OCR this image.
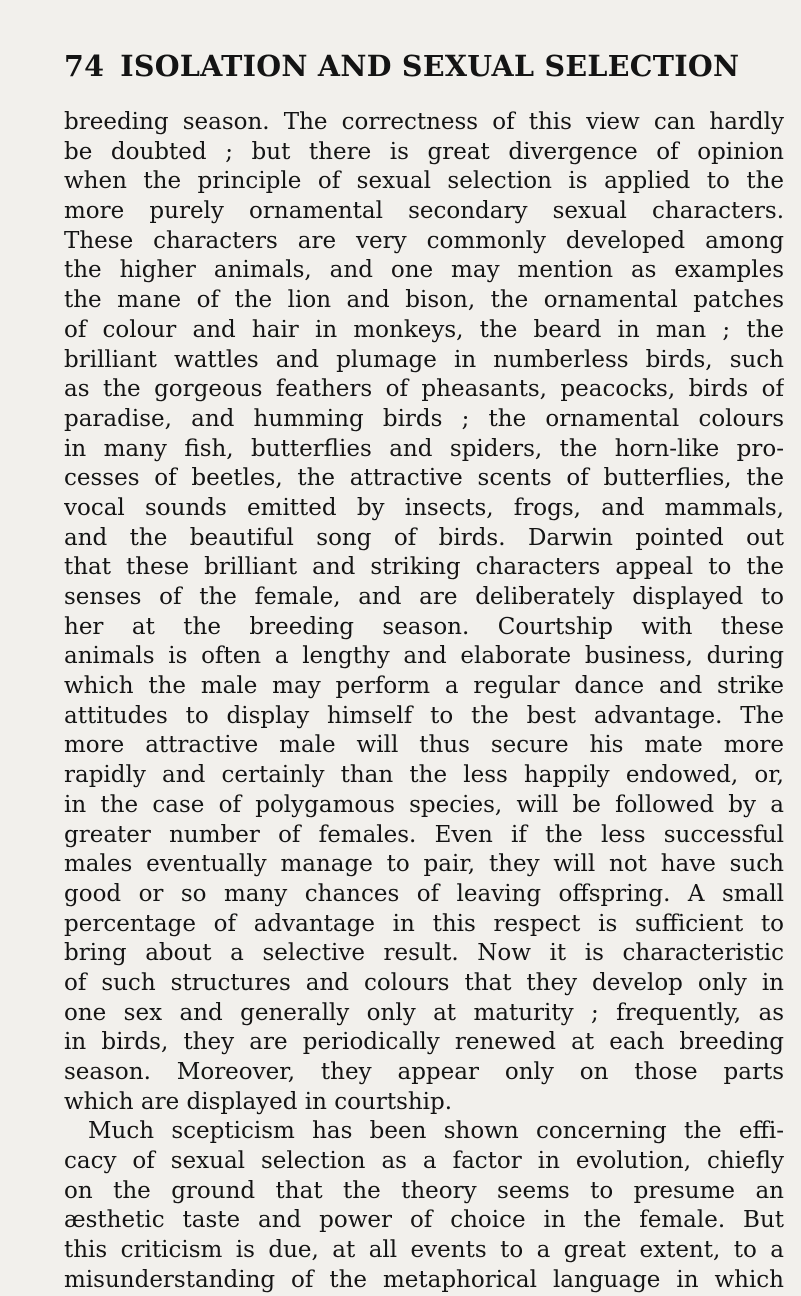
74 ISOLATION AND SEXUAL SELECTION
breeding season. The correctness of this view can hardly
be doubted ; but there is great divergence of opinion
when the principle of sexual selection is applied to the
more purely ornamental secondary sexual characters.
These characters are very commonly developed among
the higher animals, and one may mention as examples
the mane of the lion and bison, the ornamental patches
of colour and hair in monkeys, the beard in man ; the
brilliant wattles and plumage in numberless birds, such
as the gorgeous feathers of pheasants, peacocks, birds of
paradise, and humming birds ; the ornamental colours
in many fish, butterflies and spiders, the horn-like pro-
cesses of beetles, the attractive scents of butterflies, the
vocal sounds emitted by insects, frogs, and mammals,
and the beautiful song of birds. Darwin pointed out
that these brilliant and striking characters appeal to the
senses of the female, and are deliberately displayed to
her at the breeding season. Courtship with these
animals is often a lengthy and elaborate business, during
which the male may perform a regular dance and strike
attitudes to display himself to the best advantage. The
more attractive male will thus secure his mate more
rapidly and certainly than the less happily endowed, or,
in the case of polygamous species, will be followed by a
greater number of females. Even if the less successful
males eventually manage to pair, they will not have such
good or so many chances of leaving offspring. A small
percentage of advantage in this respect is sufficient to
bring about a selective result. Now it is characteristic
of such structures and colours that they develop only in
one sex and generally only at maturity ; frequently, as
in birds, they are periodically renewed at each breeding
season. Moreover, they appear only on those parts
which are displayed in courtship.
Much scepticism has been shown concerning the effi-
cacy of sexual selection as a factor in evolution, chiefly
on the ground that the theory seems to presume an
æsthetic taste and power of choice in the female. But
this criticism is due, at all events to a great extent, to a
misunderstanding of the metaphorical language in which
